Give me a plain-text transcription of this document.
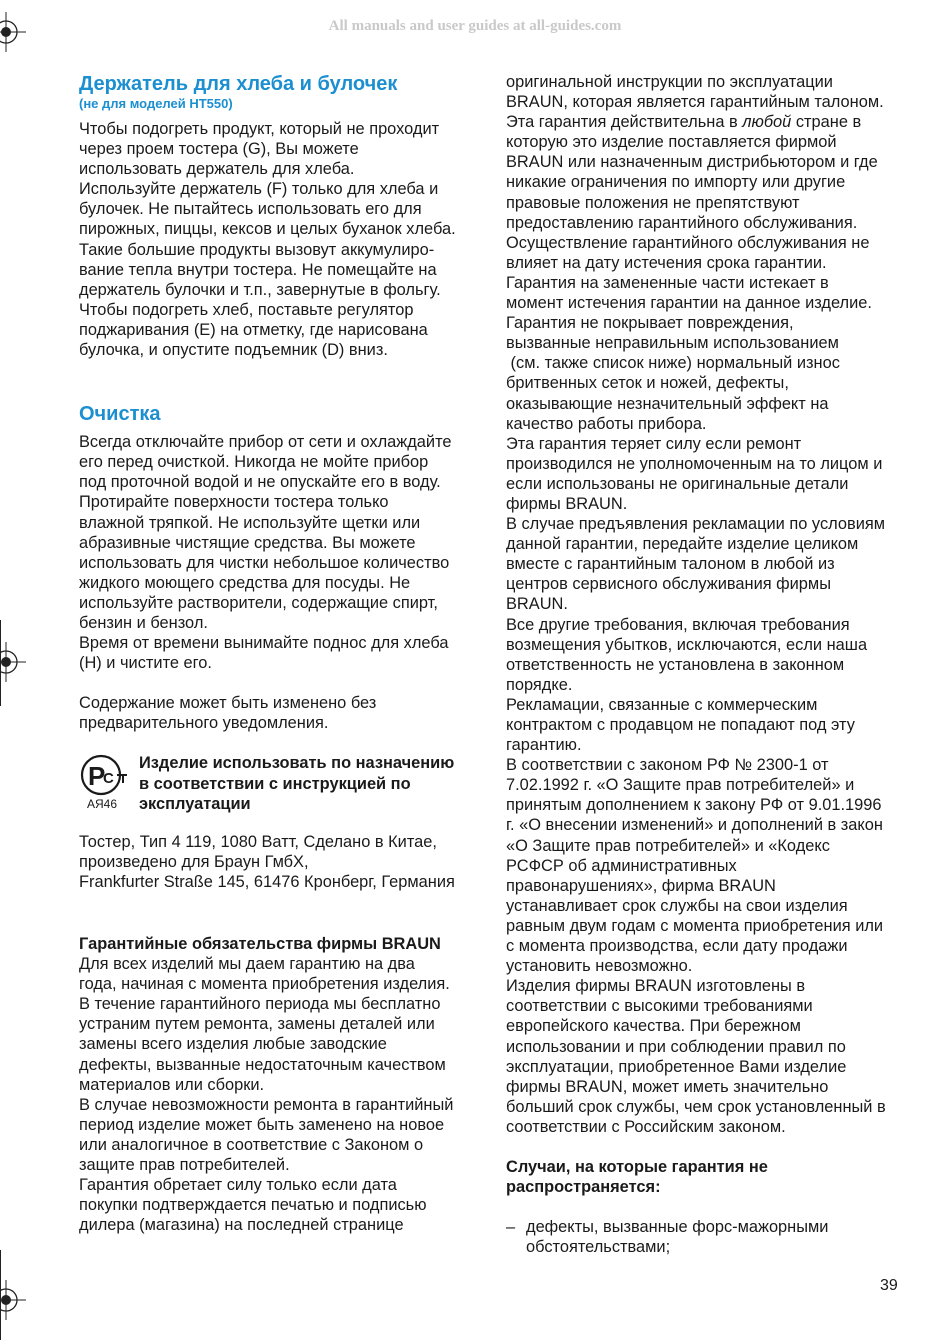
All manuals and user guides at all-guides.com
Держатель для хлеба и булочек
(не для моделей HT550)
Чтобы подогреть продукт, который не проходит
через проем тостера (G), Вы можете
использовать держатель для хлеба.
Используйте держатель (F) только для хлеба и
булочек. Не пытайтесь использовать его для
пирожных, пиццы, кексов и целых буханок хлеба.
Такие большие продукты вызовут аккумулиро-
вание тепла внутри тостера. Не помещайте на
держатель булочки и т.п., завернутые в фольгу.
Чтобы подогреть хлеб, поставьте регулятор
поджаривания (E) на отметку, где нарисована
булочка, и опустите подъемник (D) вниз.
Очистка
Всегда отключайте прибор от сети и охлаждайте
его перед очисткой. Никогда не мойте прибор
под проточной водой и не опускайте его в воду.
Протирайте поверхности тостера только
влажной тряпкой. Не используйте щетки или
абразивные чистящие средства. Вы можете
использовать для чистки небольшое количество
жидкого моющего средства для посуды. Не
используйте растворители, содержащие спирт,
бензин и бензол.
Время от времени вынимайте поднос для хлеба
(H) и чистите его.
Содержание может быть изменено без
предварительного уведомления.
P
C
Изделие использовать по назначению
в соответствии с инструкцией по
эксплуатации
АЯ46
Тостер, Тип 4 119, 1080 Ватт, Сделано в Китае,
произведено для Браун ГмбХ,
Frankfurter Straße 145, 61476 Кронберг, Германия
Гарантийные обязательства фирмы BRAUN
Для всех изделий мы даем гарантию на два
года, начиная с момента приобретения изделия.
В течение гарантийного периода мы бесплатно
устраним путем ремонта, замены деталей или
замены всего изделия любые заводские
дефекты, вызванные недостаточным качеством
материалов или сборки.
В случае невозможности ремонта в гарантийный
период изделие может быть заменено на новое
или аналогичное в соответствие с Законом о
защите прав потребителей.
Гарантия обретает силу только если дата
покупки подтверждается печатью и подписью
дилера (магазина) на последней странице
оригинальной инструкции по эксплуатации
BRAUN, которая является гарантийным талоном.
Эта гарантия действительна в любой стране в
которую это изделие поставляется фирмой
BRAUN или назначенным дистрибьютором и где
никакие ограничения по импорту или другие
правовые положения не препятствуют
предоставлению гарантийного обслуживания.
Осуществление гарантийного обслуживания не
влияет на дату истечения срока гарантии.
Гарантия на замененные части истекает в
момент истечения гарантии на данное изделие.
Гарантия не покрывает повреждения,
вызванные неправильным использованием
(см. также список ниже) нормальный износ
бритвенных сеток и ножей, дефекты,
оказывающие незначительный эффект на
качество работы прибора.
Эта гарантия теряет силу если ремонт
производился не уполномоченным на то лицом и
если использованы не оригинальные детали
фирмы BRAUN.
В случае предъявления рекламации по условиям
данной гарантии, передайте изделие целиком
вместе с гарантийным талоном в любой из
центров сервисного обслуживания фирмы
BRAUN.
Все другие требования, включая требования
возмещения убытков, исключаются, если наша
ответственность не установлена в законном
порядке.
Рекламации, связанные с коммерческим
контрактом с продавцом не попадают под эту
гарантию.
В соответствии с законом РФ № 2300-1 от
7.02.1992 г. «О Защите прав потребителей» и
принятым дополнением к закону РФ от 9.01.1996
г. «О внесении изменений» и дополнений в закон
«О Защите прав потребителей» и «Кодекс
РСФСР об административных
правонарушениях», фирма BRAUN
устанавливает срок службы на свои изделия
равным двум годам с момента приобретения или
с момента производства, если дату продажи
установить невозможно.
Изделия фирмы BRAUN изготовлены в
соответствии с высокими требованиями
европейского качества. При бережном
использовании и при соблюдении правил по
эксплуатации, приобретенное Вами изделие
фирмы BRAUN, может иметь значительно
больший срок службы, чем срок установленный в
соответствии с Российским законом.
Случаи, на которые гарантия не
распространяется:
– дефекты, вызванные форс-мажорными
обстоятельствами;
39
